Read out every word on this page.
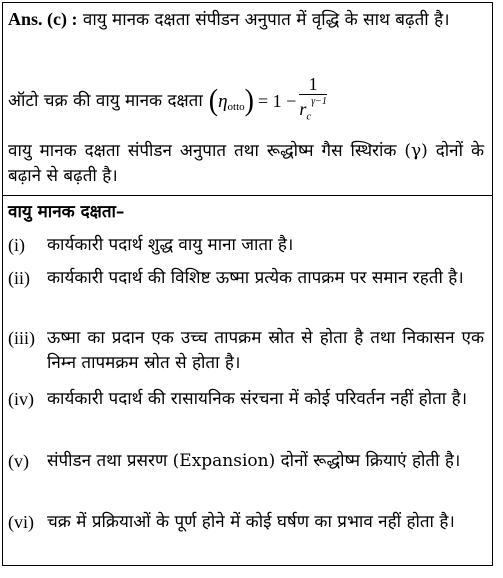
Ans. (c) : वायु मानक दक्षता संपीडन अनुपात में वृद्धि के साथ बढ़ती है।
ऑटो चक्र की वायु मानक दक्षता ( η otto ) = $1 - \frac{1}{r_c^{\gamma-1}}$
वायु मानक दक्षता संपीडन अनुपात तथा रूद्धोष्म गैस स्थिरांक (γ) दोनों के बढ़ाने से बढ़ती है।
वायु मानक दक्षता–
(i) कार्यकारी पदार्थ शुद्ध वायु माना जाता है।
(ii) कार्यकारी पदार्थ की विशिष्ट ऊष्मा प्रत्येक तापक्रम पर समान रहती है।
(iii) ऊष्मा का प्रदान एक उच्च तापक्रम स्रोत से होता है तथा निकासन एक निम्न तापमक्रम स्रोत से होता है।
(iv) कार्यकारी पदार्थ की रासायनिक संरचना में कोई परिवर्तन नहीं होता है।
(v) संपीडन तथा प्रसरण (Expansion) दोनों रूद्धोष्म क्रियाएं होती है।
(vi) चक्र में प्रक्रियाओं के पूर्ण होने में कोई घर्षण का प्रभाव नहीं होता है।
